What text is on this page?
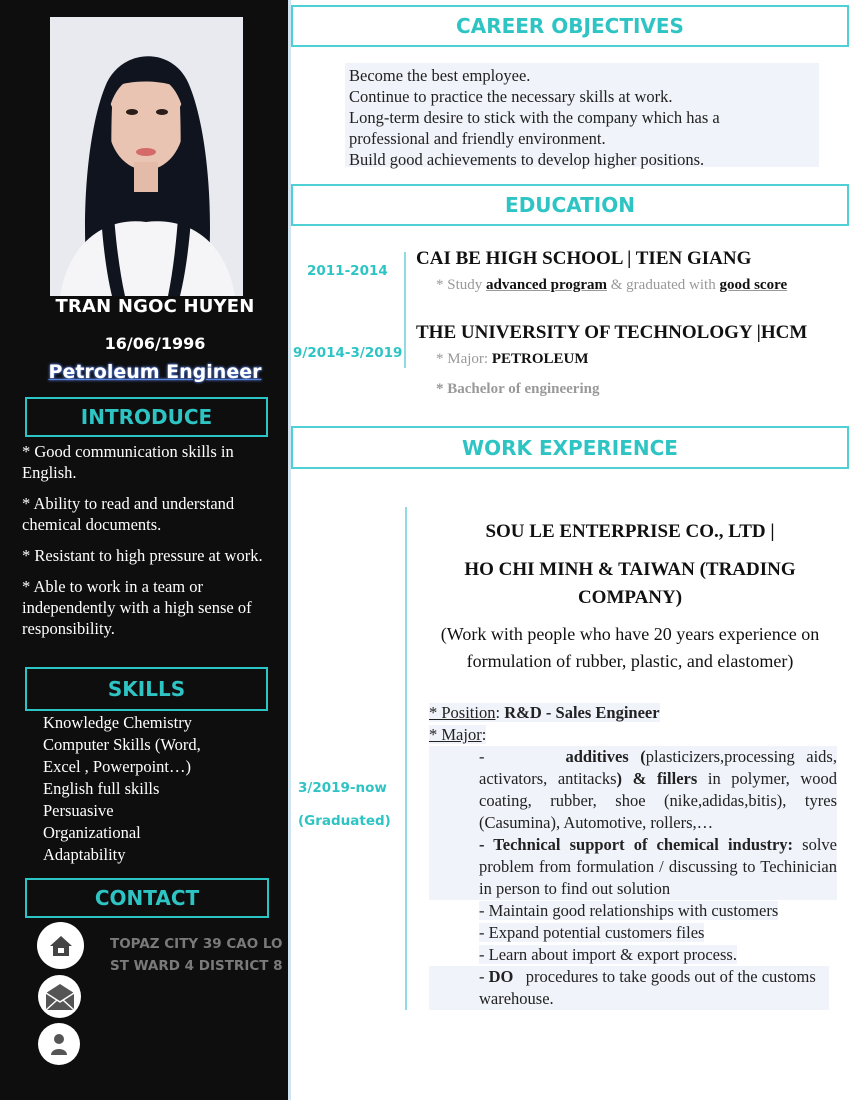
TRAN NGOC HUYEN
16/06/1996
Petroleum Engineer
INTRODUCE

* Good communication skills in English.

* Ability to read and understand chemical documents.

* Resistant to high pressure at work.

* Able to work in a team or independently with a high sense of responsibility.

SKILLS
Knowledge Chemistry
Computer Skills (Word,
Excel , Powerpoint…)
English full skills
Persuasive
Organizational
Adaptability
CONTACT
TOPAZ CITY 39 CAO LO
ST WARD 4 DISTRICT 8
CAREER OBJECTIVES
Become the best employee.
Continue to practice the necessary skills at work.
Long-term desire to stick with the company which has a
professional and friendly environment.
Build good achievements to develop higher positions.
EDUCATION
2011-2014
CAI BE HIGH SCHOOL | TIEN GIANG
* Study advanced program & graduated with good score
9/2014-3/2019
THE UNIVERSITY OF TECHNOLOGY |HCM
* Major: PETROLEUM
* Bachelor of engineering
WORK EXPERIENCE
3/2019-now
(Graduated)
SOU LE ENTERPRISE CO., LTD |
HO CHI MINH & TAIWAN (TRADING COMPANY)
(Work with people who have 20 years experience on formulation of rubber, plastic, and elastomer)
* Position: R&D - Sales Engineer
* Major:
-       additives (plasticizers,processing aids, activators, antitacks) & fillers in polymer, wood coating, rubber, shoe (nike,adidas,bitis), tyres (Casumina), Automotive, rollers,…
- Technical support of chemical industry: solve problem from formulation / discussing to Techinician in person to find out solution
- Maintain good relationships with customers
- Expand potential customers files
- Learn about import & export process.
- DO   procedures to take goods out of the customs warehouse.
